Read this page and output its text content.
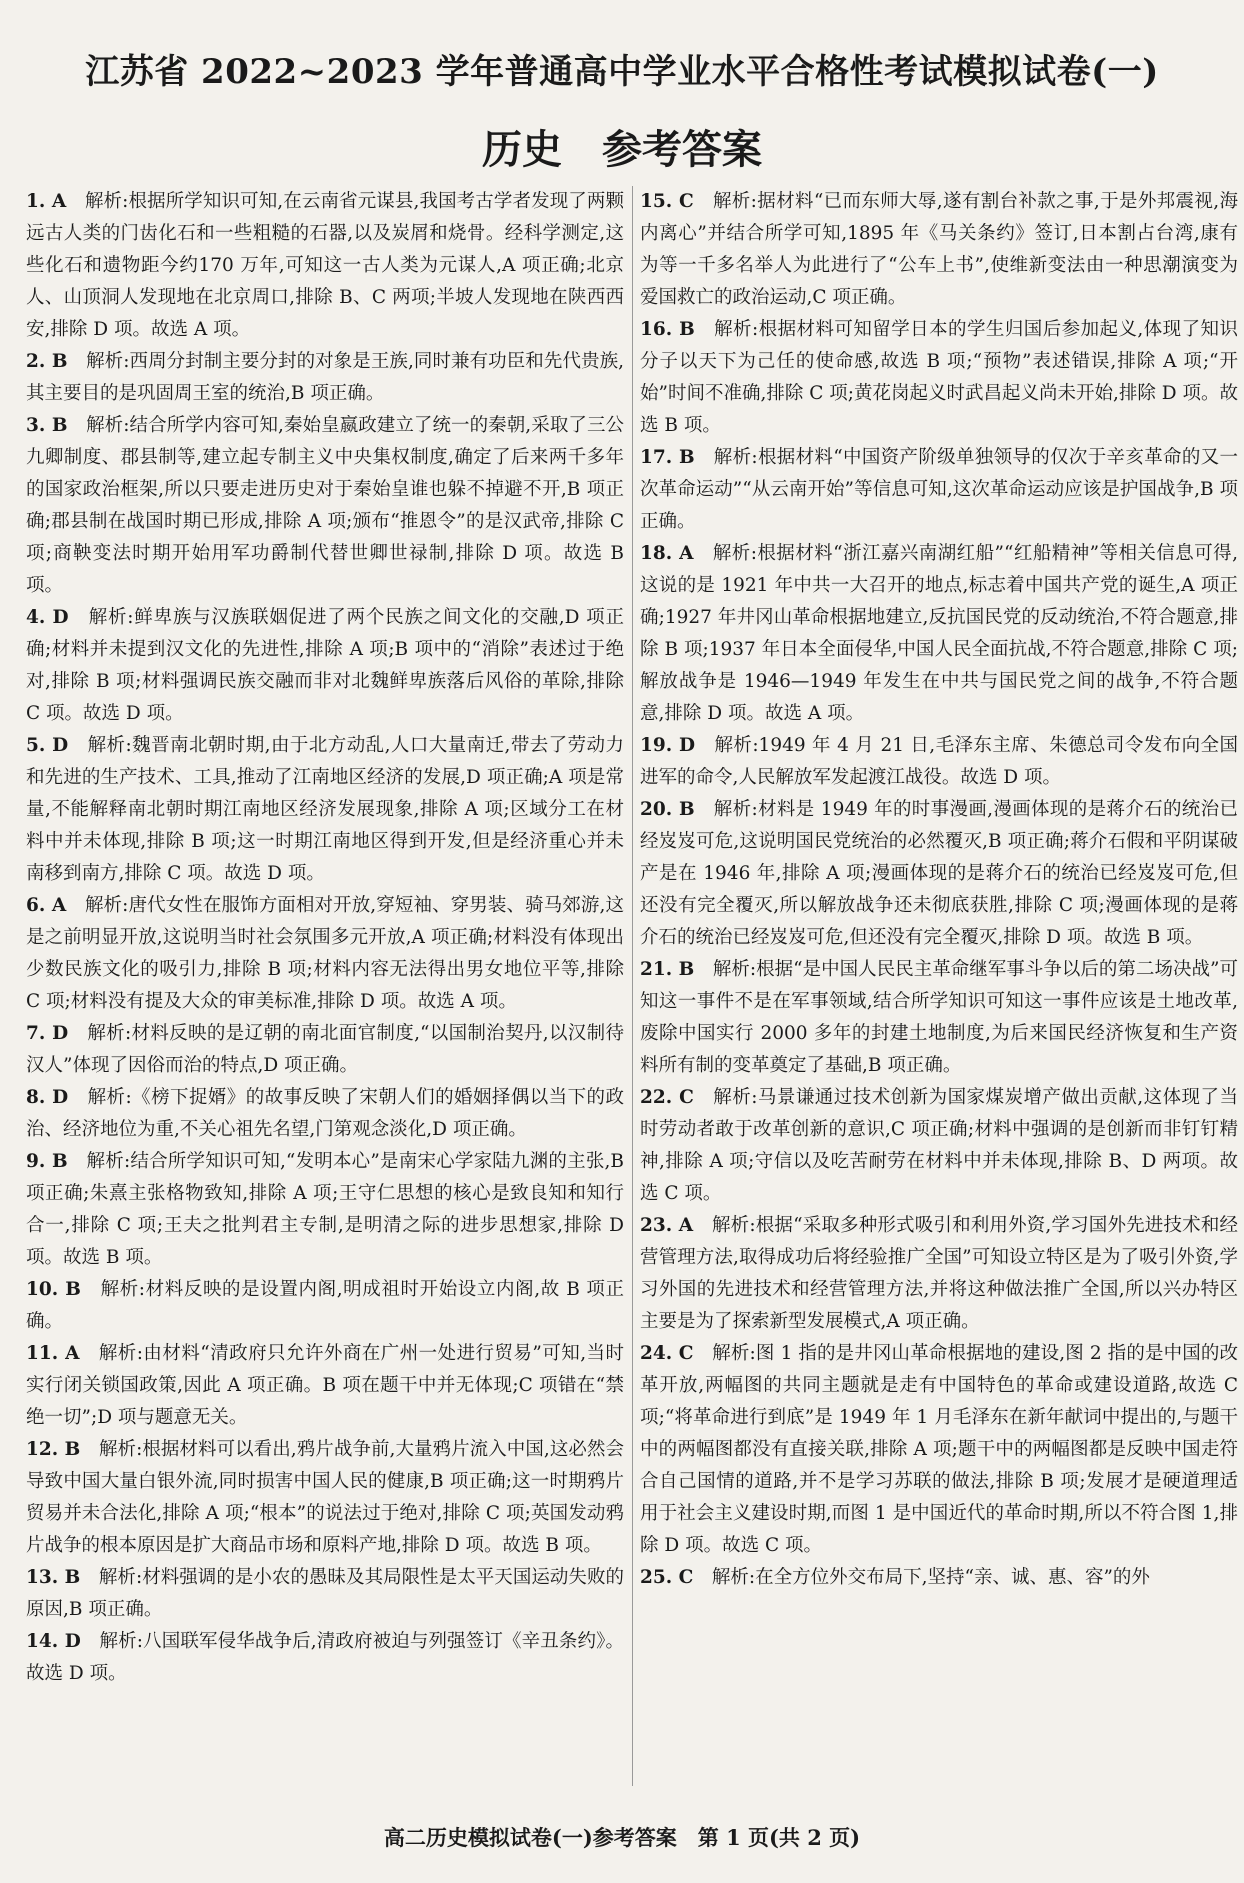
江苏省 2022~2023 学年普通高中学业水平合格性考试模拟试卷(一)
历史　参考答案
1. A　 解析:根据所学知识可知,在云南省元谋县,我国考古学者发现了两颗远古人类的门齿化石和一些粗糙的石器,以及炭屑和烧骨。经科学测定,这些化石和遗物距今约170 万年,可知这一古人类为元谋人,A 项正确;北京人、山顶洞人发现地在北京周口,排除 B、C 两项;半坡人发现地在陕西西安,排除 D 项。故选 A 项。
2. B　 解析:西周分封制主要分封的对象是王族,同时兼有功臣和先代贵族,其主要目的是巩固周王室的统治,B 项正确。
3. B　 解析:结合所学内容可知,秦始皇嬴政建立了统一的秦朝,采取了三公九卿制度、郡县制等,建立起专制主义中央集权制度,确定了后来两千多年的国家政治框架,所以只要走进历史对于秦始皇谁也躲不掉避不开,B 项正确;郡县制在战国时期已形成,排除 A 项;颁布“推恩令”的是汉武帝,排除 C 项;商鞅变法时期开始用军功爵制代替世卿世禄制,排除 D 项。故选 B 项。
4. D　 解析:鲜卑族与汉族联姻促进了两个民族之间文化的交融,D 项正确;材料并未提到汉文化的先进性,排除 A 项;B 项中的“消除”表述过于绝对,排除 B 项;材料强调民族交融而非对北魏鲜卑族落后风俗的革除,排除 C 项。故选 D 项。
5. D　 解析:魏晋南北朝时期,由于北方动乱,人口大量南迁,带去了劳动力和先进的生产技术、工具,推动了江南地区经济的发展,D 项正确;A 项是常量,不能解释南北朝时期江南地区经济发展现象,排除 A 项;区域分工在材料中并未体现,排除 B 项;这一时期江南地区得到开发,但是经济重心并未南移到南方,排除 C 项。故选 D 项。
6. A　 解析:唐代女性在服饰方面相对开放,穿短袖、穿男装、骑马郊游,这是之前明显开放,这说明当时社会氛围多元开放,A 项正确;材料没有体现出少数民族文化的吸引力,排除 B 项;材料内容无法得出男女地位平等,排除 C 项;材料没有提及大众的审美标准,排除 D 项。故选 A 项。
7. D　 解析:材料反映的是辽朝的南北面官制度,“以国制治契丹,以汉制待汉人”体现了因俗而治的特点,D 项正确。
8. D　 解析:《榜下捉婿》的故事反映了宋朝人们的婚姻择偶以当下的政治、经济地位为重,不关心祖先名望,门第观念淡化,D 项正确。
9. B　 解析:结合所学知识可知,“发明本心”是南宋心学家陆九渊的主张,B 项正确;朱熹主张格物致知,排除 A 项;王守仁思想的核心是致良知和知行合一,排除 C 项;王夫之批判君主专制,是明清之际的进步思想家,排除 D 项。故选 B 项。
10. B　 解析:材料反映的是设置内阁,明成祖时开始设立内阁,故 B 项正确。
11. A　 解析:由材料“清政府只允许外商在广州一处进行贸易”可知,当时实行闭关锁国政策,因此 A 项正确。B 项在题干中并无体现;C 项错在“禁绝一切”;D 项与题意无关。
12. B　 解析:根据材料可以看出,鸦片战争前,大量鸦片流入中国,这必然会导致中国大量白银外流,同时损害中国人民的健康,B 项正确;这一时期鸦片贸易并未合法化,排除 A 项;“根本”的说法过于绝对,排除 C 项;英国发动鸦片战争的根本原因是扩大商品市场和原料产地,排除 D 项。故选 B 项。
13. B　 解析:材料强调的是小农的愚昧及其局限性是太平天国运动失败的原因,B 项正确。
14. D　 解析:八国联军侵华战争后,清政府被迫与列强签订《辛丑条约》。故选 D 项。
15. C　 解析:据材料“已而东师大辱,遂有割台补款之事,于是外邦震视,海内离心”并结合所学可知,1895 年《马关条约》签订,日本割占台湾,康有为等一千多名举人为此进行了“公车上书”,使维新变法由一种思潮演变为爱国救亡的政治运动,C 项正确。
16. B　 解析:根据材料可知留学日本的学生归国后参加起义,体现了知识分子以天下为己任的使命感,故选 B 项;“预物”表述错误,排除 A 项;“开始”时间不准确,排除 C 项;黄花岗起义时武昌起义尚未开始,排除 D 项。故选 B 项。
17. B　 解析:根据材料“中国资产阶级单独领导的仅次于辛亥革命的又一次革命运动”“从云南开始”等信息可知,这次革命运动应该是护国战争,B 项正确。
18. A　 解析:根据材料“浙江嘉兴南湖红船”“红船精神”等相关信息可得,这说的是 1921 年中共一大召开的地点,标志着中国共产党的诞生,A 项正确;1927 年井冈山革命根据地建立,反抗国民党的反动统治,不符合题意,排除 B 项;1937 年日本全面侵华,中国人民全面抗战,不符合题意,排除 C 项;解放战争是 1946—1949 年发生在中共与国民党之间的战争,不符合题意,排除 D 项。故选 A 项。
19. D　 解析:1949 年 4 月 21 日,毛泽东主席、朱德总司令发布向全国进军的命令,人民解放军发起渡江战役。故选 D 项。
20. B　 解析:材料是 1949 年的时事漫画,漫画体现的是蒋介石的统治已经岌岌可危,这说明国民党统治的必然覆灭,B 项正确;蒋介石假和平阴谋破产是在 1946 年,排除 A 项;漫画体现的是蒋介石的统治已经岌岌可危,但还没有完全覆灭,所以解放战争还未彻底获胜,排除 C 项;漫画体现的是蒋介石的统治已经岌岌可危,但还没有完全覆灭,排除 D 项。故选 B 项。
21. B　 解析:根据“是中国人民民主革命继军事斗争以后的第二场决战”可知这一事件不是在军事领域,结合所学知识可知这一事件应该是土地改革,废除中国实行 2000 多年的封建土地制度,为后来国民经济恢复和生产资料所有制的变革奠定了基础,B 项正确。
22. C　 解析:马景谦通过技术创新为国家煤炭增产做出贡献,这体现了当时劳动者敢于改革创新的意识,C 项正确;材料中强调的是创新而非钉钉精神,排除 A 项;守信以及吃苦耐劳在材料中并未体现,排除 B、D 两项。故选 C 项。
23. A　 解析:根据“采取多种形式吸引和利用外资,学习国外先进技术和经营管理方法,取得成功后将经验推广全国”可知设立特区是为了吸引外资,学习外国的先进技术和经营管理方法,并将这种做法推广全国,所以兴办特区主要是为了探索新型发展模式,A 项正确。
24. C　 解析:图 1 指的是井冈山革命根据地的建设,图 2 指的是中国的改革开放,两幅图的共同主题就是走有中国特色的革命或建设道路,故选 C 项;“将革命进行到底”是 1949 年 1 月毛泽东在新年献词中提出的,与题干中的两幅图都没有直接关联,排除 A 项;题干中的两幅图都是反映中国走符合自己国情的道路,并不是学习苏联的做法,排除 B 项;发展才是硬道理适用于社会主义建设时期,而图 1 是中国近代的革命时期,所以不符合图 1,排除 D 项。故选 C 项。
25. C　 解析:在全方位外交布局下,坚持“亲、诚、惠、容”的外
高二历史模拟试卷(一)参考答案　第 1 页(共 2 页)
